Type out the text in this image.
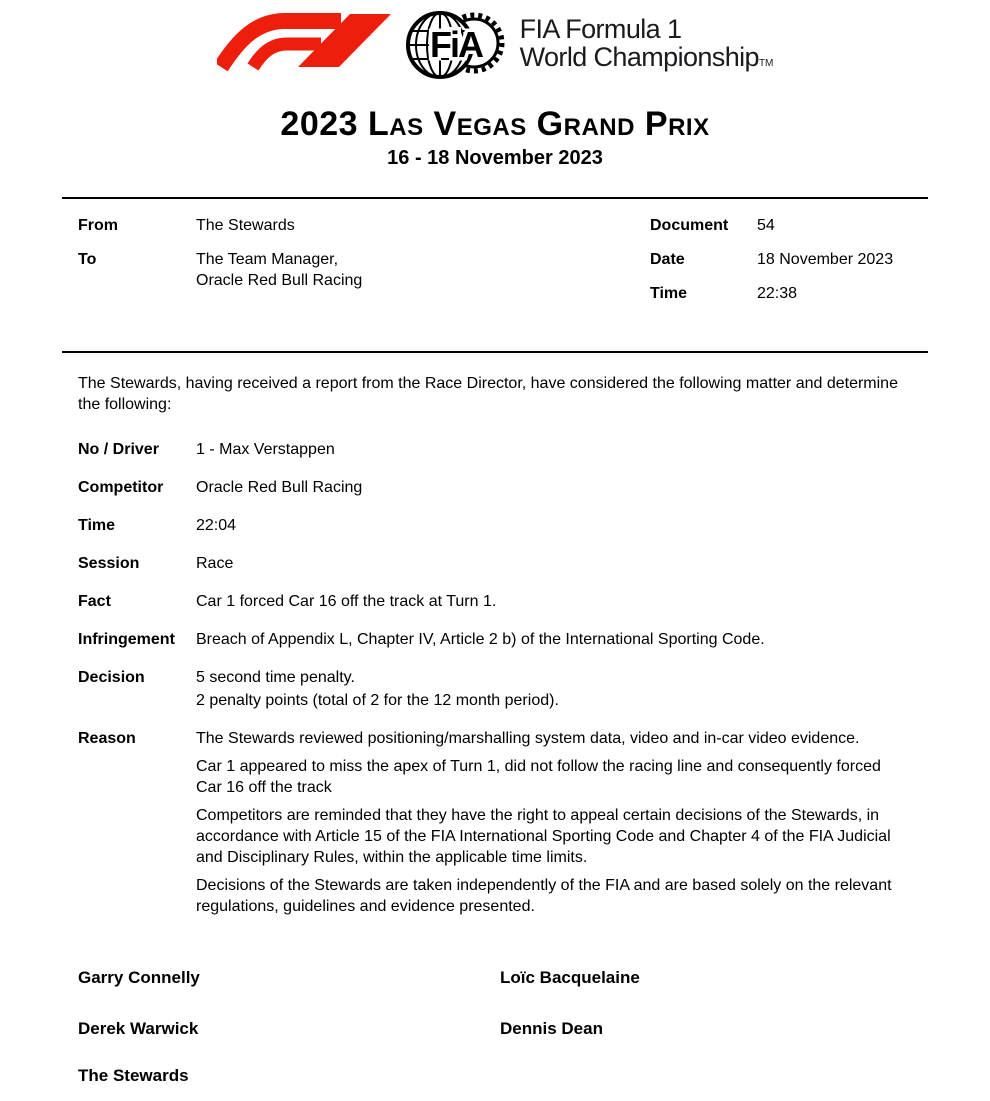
FiA FIA Formula 1
World ChampionshipTM
2023 Las Vegas Grand Prix
16 - 18 November 2023
From	The Stewards
To	The Team Manager,
Oracle Red Bull Racing
Document	54
Date	18 November 2023
Time	22:38
The Stewards, having received a report from the Race Director, have considered the following matter and determine the following:
No / Driver	1 - Max Verstappen

Competitor	Oracle Red Bull Racing

Time	22:04

Session	Race

Fact	Car 1 forced Car 16 off the track at Turn 1.

Infringement	Breach of Appendix L, Chapter IV, Article 2 b) of the International Sporting Code.

Decision	5 second time penalty.

2 penalty points (total of 2 for the 12 month period).

Reason	The Stewards reviewed positioning/marshalling system data, video and in-car video evidence.

Car 1 appeared to miss the apex of Turn 1, did not follow the racing line and consequently forced Car 16 off the track

Competitors are reminded that they have the right to appeal certain decisions of the Stewards, in accordance with Article 15 of the FIA International Sporting Code and Chapter 4 of the FIA Judicial and Disciplinary Rules, within the applicable time limits.

Decisions of the Stewards are taken independently of the FIA and are based solely on the relevant regulations, guidelines and evidence presented.

Garry Connelly	Loïc Bacquelaine
Derek Warwick	Dennis Dean
The Stewards
